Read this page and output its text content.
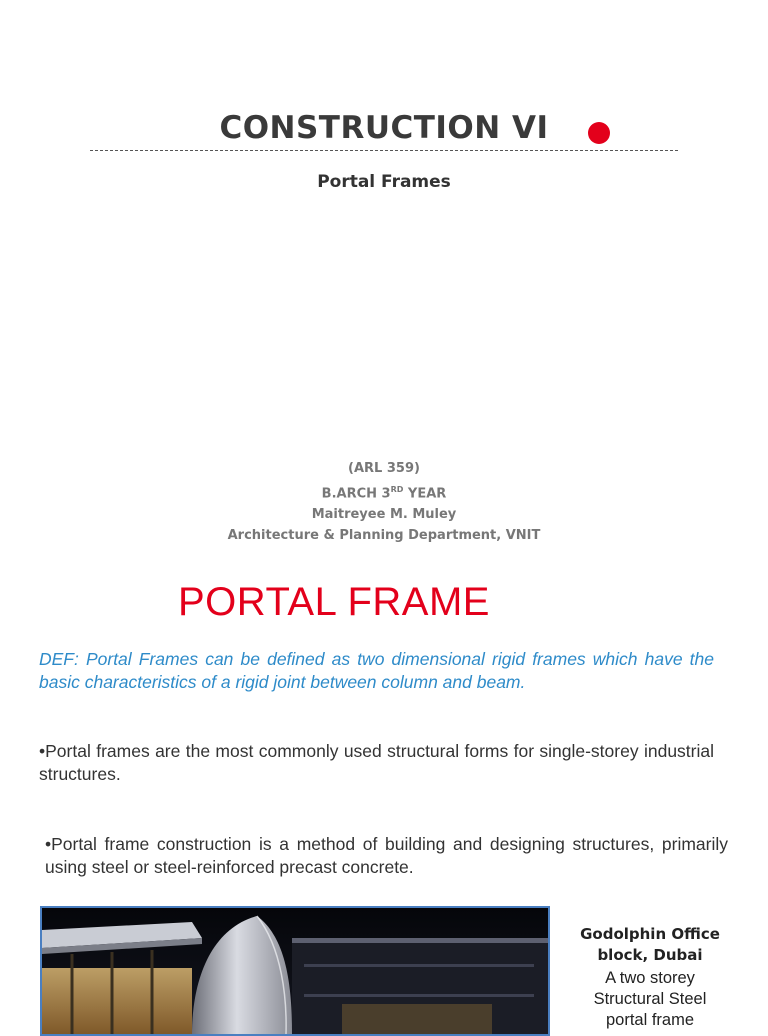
CONSTRUCTION VI
Portal Frames
(ARL 359)
B.ARCH 3RD YEAR
Maitreyee M. Muley
Architecture & Planning Department, VNIT
PORTAL FRAME
DEF: Portal Frames can be defined as two dimensional rigid frames which have the basic characteristics of a rigid joint between column and beam.
•Portal frames are the most commonly used structural forms for single-storey industrial structures.
•Portal frame construction is a method of building and designing structures, primarily using steel or steel-reinforced precast concrete.
Godolphin Office
block, Dubai
A two storey
Structural Steel
portal frame
